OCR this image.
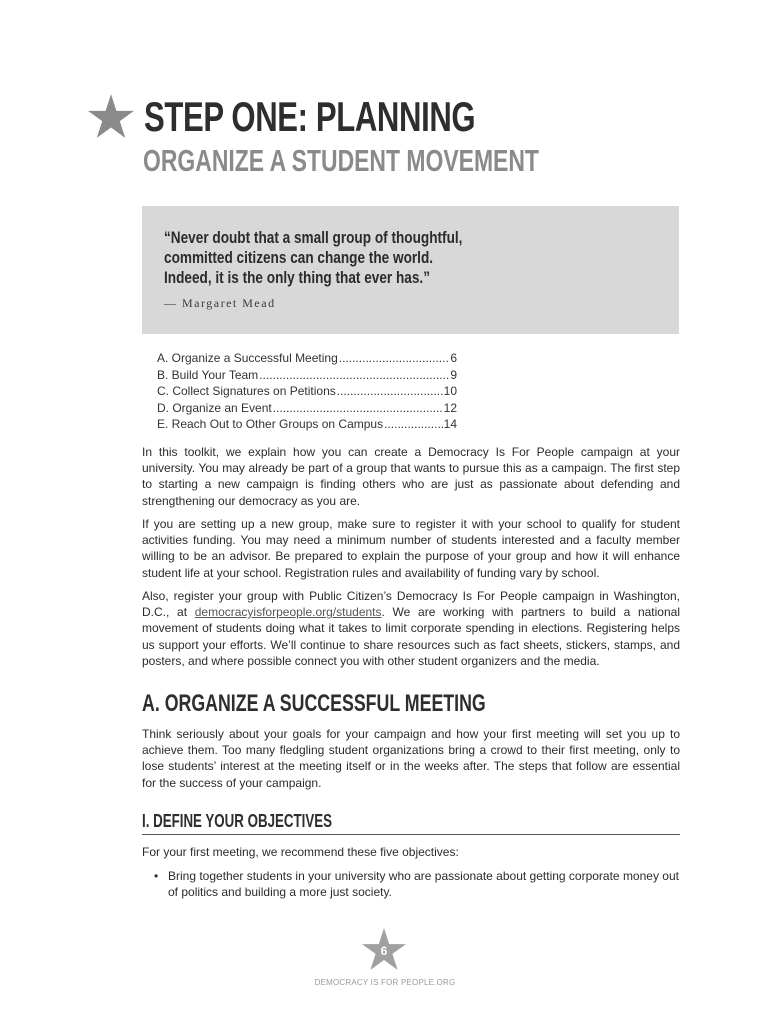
STEP ONE: PLANNING
ORGANIZE A STUDENT MOVEMENT

“Never doubt that a small group of thoughtful,
committed citizens can change the world.
Indeed, it is the only thing that ever has.”

— Margaret Mead
A. Organize a Successful Meeting .....	6
B. Build Your Team .....	9
C. Collect Signatures on Petitions .....	10
D. Organize an Event .....	12
E. Reach Out to Other Groups on Campus .....	14

In this toolkit, we explain how you can create a Democracy Is For People campaign at your university. You may already be part of a group that wants to pursue this as a campaign. The first step to starting a new campaign is finding others who are just as passionate about defending and strengthening our democracy as you are.

If you are setting up a new group, make sure to register it with your school to qualify for student activities funding. You may need a minimum number of students interested and a faculty member willing to be an advisor. Be prepared to explain the purpose of your group and how it will enhance student life at your school. Registration rules and availability of funding vary by school.

Also, register your group with Public Citizen’s Democracy Is For People campaign in Washington, D.C., at democracyisforpeople.org/students. We are working with partners to build a national movement of students doing what it takes to limit corporate spending in elections. Registering helps us support your efforts. We’ll continue to share resources such as fact sheets, stickers, stamps, and posters, and where possible connect you with other student organizers and the media.

A. ORGANIZE A SUCCESSFUL MEETING

Think seriously about your goals for your campaign and how your first meeting will set you up to achieve them. Too many fledgling student organizations bring a crowd to their first meeting, only to lose students’ interest at the meeting itself or in the weeks after. The steps that follow are essential for the success of your campaign.

I. DEFINE YOUR OBJECTIVES

For your first meeting, we recommend these five objectives:

• Bring together students in your university who are passionate about getting corporate money out of politics and building a more just society.
6
DEMOCRACY IS FOR PEOPLE.ORG
